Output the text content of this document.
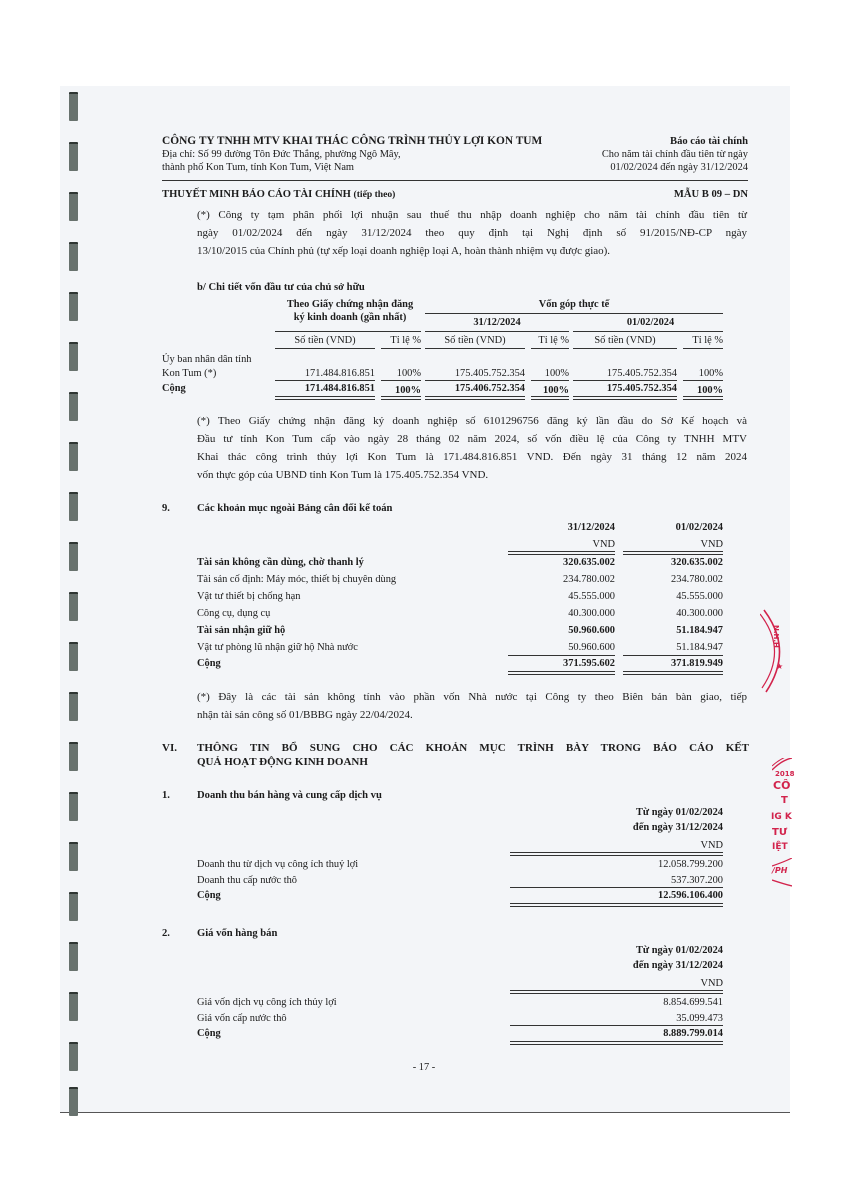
CÔNG TY TNHH MTV KHAI THÁC CÔNG TRÌNH THỦY LỢI KON TUM
Địa chỉ: Số 99 đường Tôn Đức Thắng, phường Ngô Mây,
thành phố Kon Tum, tỉnh Kon Tum, Việt Nam
Báo cáo tài chính
Cho năm tài chính đầu tiên từ ngày
01/02/2024 đến ngày 31/12/2024
THUYẾT MINH BÁO CÁO TÀI CHÍNH (tiếp theo)	MẪU B 09 – DN
(*) Công ty tạm phân phối lợi nhuận sau thuế thu nhập doanh nghiệp cho năm tài chính đầu tiên từ
ngày 01/02/2024 đến ngày 31/12/2024 theo quy định tại Nghị định số 91/2015/NĐ-CP ngày
13/10/2015 của Chính phủ (tự xếp loại doanh nghiệp loại A, hoàn thành nhiệm vụ được giao).
b/ Chi tiết vốn đầu tư của chủ sở hữu
Theo Giấy chứng nhận đăng
ký kinh doanh (gần nhất)
Vốn góp thực tế
31/12/2024	01/02/2024
Số tiền (VND)	Tỉ lệ %	Số tiền (VND)	Tỉ lệ %	Số tiền (VND)	Tỉ lệ %
Ủy ban nhân dân tỉnh
Kon Tum (*)	171.484.816.851	100%	175.405.752.354	100%	175.405.752.354	100%
Cộng	171.484.816.851	100%	175.406.752.354	100%	175.405.752.354	100%
(*) Theo Giấy chứng nhận đăng ký doanh nghiệp số 6101296756 đăng ký lần đầu do Sở Kế hoạch và
Đầu tư tỉnh Kon Tum cấp vào ngày 28 tháng 02 năm 2024, số vốn điều lệ của Công ty TNHH MTV
Khai thác công trình thủy lợi Kon Tum là 171.484.816.851 VND. Đến ngày 31 tháng 12 năm 2024
vốn thực góp của UBND tỉnh Kon Tum là 175.405.752.354 VND.
9.	Các khoản mục ngoài Bảng cân đối kế toán
31/12/2024	01/02/2024
VND	VND
Tài sản không cần dùng, chờ thanh lý	320.635.002	320.635.002
Tài sản cố định: Máy móc, thiết bị chuyên dùng	234.780.002	234.780.002
Vật tư thiết bị chống hạn	45.555.000	45.555.000
Công cụ, dụng cụ	40.300.000	40.300.000
Tài sản nhận giữ hộ	50.960.600	51.184.947
Vật tư phòng lũ nhận giữ hộ Nhà nước	50.960.600	51.184.947
Cộng	371.595.602	371.819.949
(*) Đây là các tài sản không tính vào phần vốn Nhà nước tại Công ty theo Biên bản bàn giao, tiếp
nhận tài sản công số 01/BBBG ngày 22/04/2024.
VI. THÔNG TIN BỔ SUNG CHO CÁC KHOẢN MỤC TRÌNH BÀY TRONG BÁO CÁO KẾT
QUẢ HOẠT ĐỘNG KINH DOANH
1.	Doanh thu bán hàng và cung cấp dịch vụ
Từ ngày 01/02/2024
đến ngày 31/12/2024
VND
Doanh thu từ dịch vụ công ích thuỷ lợi	12.058.799.200
Doanh thu cấp nước thô	537.307.200
Cộng	12.596.106.400
2.	Giá vốn hàng bán
Từ ngày 01/02/2024
đến ngày 31/12/2024
VND
Giá vốn dịch vụ công ích thủy lợi	8.854.699.541
Giá vốn cấp nước thô	35.099.473
Cộng	8.889.799.014
- 17 -
N.H.H
★
2018
CÔ
T
IG K
TƯ
IỆT
/PH
